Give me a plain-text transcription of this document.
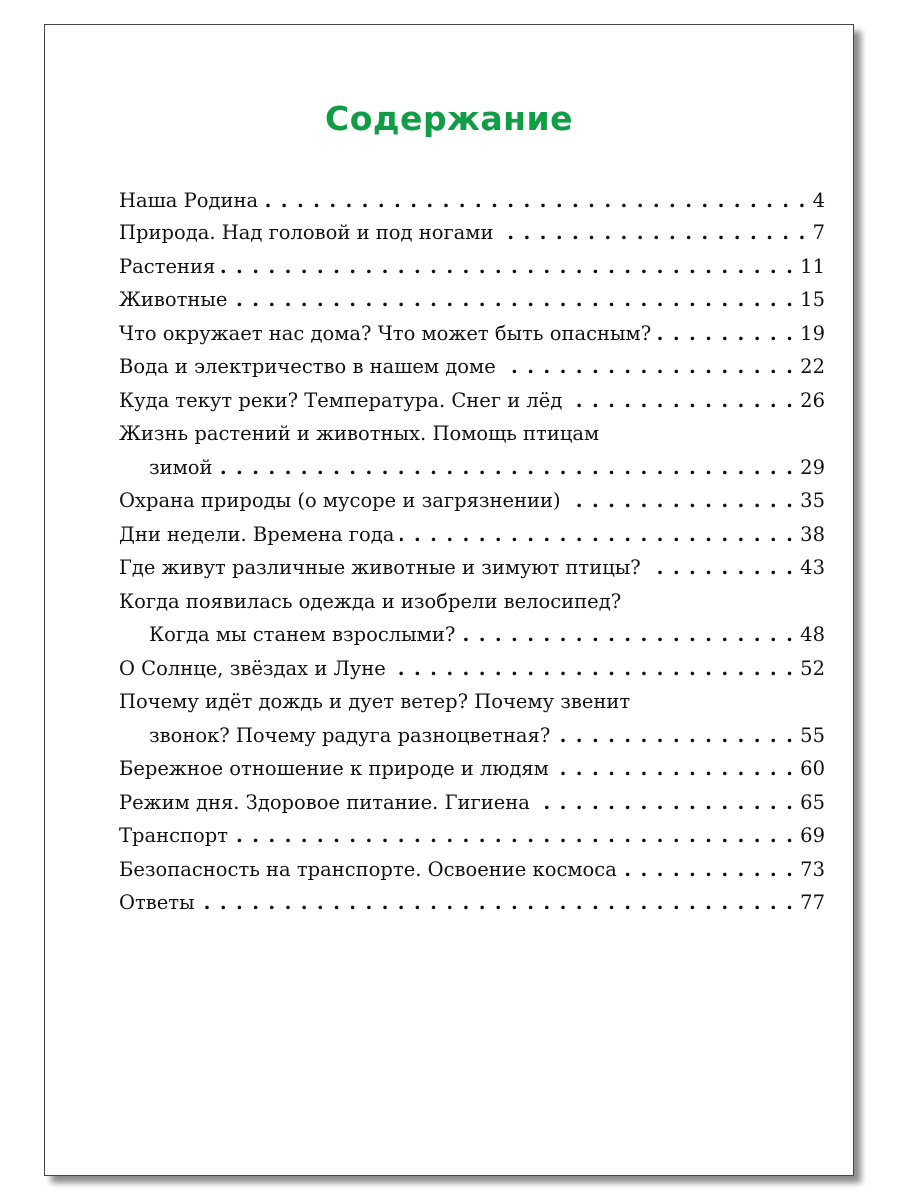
Содержание
Наша Родина . . .	4
Природа. Над головой и под ногами . . .	7
Растения . . .	11
Животные . . .	15
Что окружает нас дома? Что может быть опасным? . . .	19
Вода и электричество в нашем доме . . .	22
Куда текут реки? Температура. Снег и лёд . . .	26
Жизнь растений и животных. Помощь птицам
зимой . . .	29
Охрана природы (о мусоре и загрязнении) . . .	35
Дни недели. Времена года . . .	38
Где живут различные животные и зимуют птицы? . . .	43
Когда появилась одежда и изобрели велосипед?
Когда мы станем взрослыми? . . .	48
О Солнце, звёздах и Луне . . .	52
Почему идёт дождь и дует ветер? Почему звенит
звонок? Почему радуга разноцветная? . . .	55
Бережное отношение к природе и людям . . .	60
Режим дня. Здоровое питание. Гигиена . . .	65
Транспорт . . .	69
Безопасность на транспорте. Освоение космоса . . .	73
Ответы . . .	77
